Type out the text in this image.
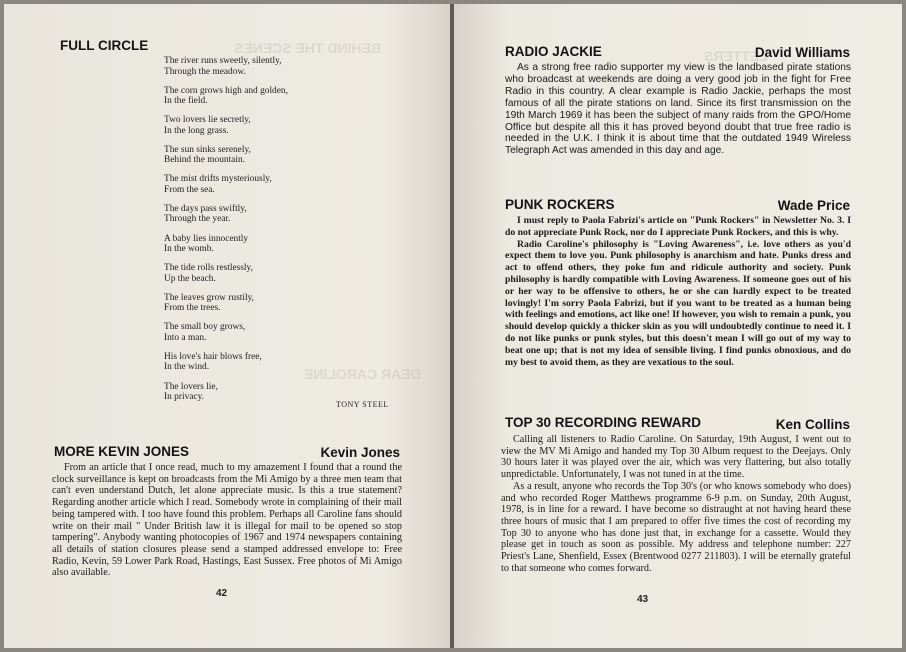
BEHIND THE SCENES
DEAR CAROLINE
FULL CIRCLE
The river runs sweetly, silently,
Through the meadow.
The corn grows high and golden,
In the field.
Two lovers lie secretly,
In the long grass.
The sun sinks serenely,
Behind the mountain.
The mist drifts mysteriously,
From the sea.
The days pass swiftly,
Through the year.
A baby lies innocently
In the womb.
The tide rolls restlessly,
Up the beach.
The leaves grow rustily,
From the trees.
The small boy grows,
Into a man.
His love's hair blows free,
In the wind.
The lovers lie,
In privacy.
TONY STEEL
MORE KEVIN JONES	Kevin Jones

From an article that I once read, much to my amazement I found that a round the clock surveillance is kept on broadcasts from the Mi Amigo by a three men team that can't even understand Dutch, let alone appreciate music. Is this a true statement? Regarding another article which I read. Somebody wrote in complaining of their mail being tampered with. I too have found this problem. Perhaps all Caroline fans should write on their mail " Under British law it is illegal for mail to be opened so stop tampering". Anybody wanting photocopies of 1967 and 1974 newspapers containing all details of station closures please send a stamped addressed envelope to: Free Radio, Kevin, 59 Lower Park Road, Hastings, East Sussex. Free photos of Mi Amigo also available.

42
LETTERS
RADIO JACKIE	David Williams

As a strong free radio supporter my view is the landbased pirate stations who broadcast at weekends are doing a very good job in the fight for Free Radio in this country. A clear example is Radio Jackie, perhaps the most famous of all the pirate stations on land. Since its first transmission on the 19th March 1969 it has been the subject of many raids from the GPO/Home Office but despite all this it has proved beyond doubt that true free radio is needed in the U.K. I think it is about time that the outdated 1949 Wireless Telegraph Act was amended in this day and age.

PUNK ROCKERS	Wade Price

I must reply to Paola Fabrizi's article on "Punk Rockers" in Newsletter No. 3. I do not appreciate Punk Rock, nor do I appreciate Punk Rockers, and this is why.

Radio Caroline's philosophy is "Loving Awareness", i.e. love others as you'd expect them to love you. Punk philosophy is anarchism and hate. Punks dress and act to offend others, they poke fun and ridicule authority and society. Punk philosophy is hardly compatible with Loving Awareness. If someone goes out of his or her way to be offensive to others, he or she can hardly expect to be treated lovingly! I'm sorry Paola Fabrizi, but if you want to be treated as a human being with feelings and emotions, act like one! If however, you wish to remain a punk, you should develop quickly a thicker skin as you will undoubtedly continue to need it. I do not like punks or punk styles, but this doesn't mean I will go out of my way to beat one up; that is not my idea of sensible living. I find punks obnoxious, and do my best to avoid them, as they are vexatious to the soul.

TOP 30 RECORDING REWARD	Ken Collins

Calling all listeners to Radio Caroline. On Saturday, 19th August, I went out to view the MV Mi Amigo and handed my Top 30 Album request to the Deejays. Only 30 hours later it was played over the air, which was very flattering, but also totally unpredictable. Unfortunately, I was not tuned in at the time.

As a result, anyone who records the Top 30's (or who knows somebody who does) and who recorded Roger Matthews programme 6-9 p.m. on Sunday, 20th August, 1978, is in line for a reward. I have become so distraught at not having heard these three hours of music that I am prepared to offer five times the cost of recording my Top 30 to anyone who has done just that, in exchange for a cassette. Would they please get in touch as soon as possible. My address and telephone number: 227 Priest's Lane, Shenfield, Essex (Brentwood 0277 211803). I will be eternally grateful to that someone who comes forward.

43
